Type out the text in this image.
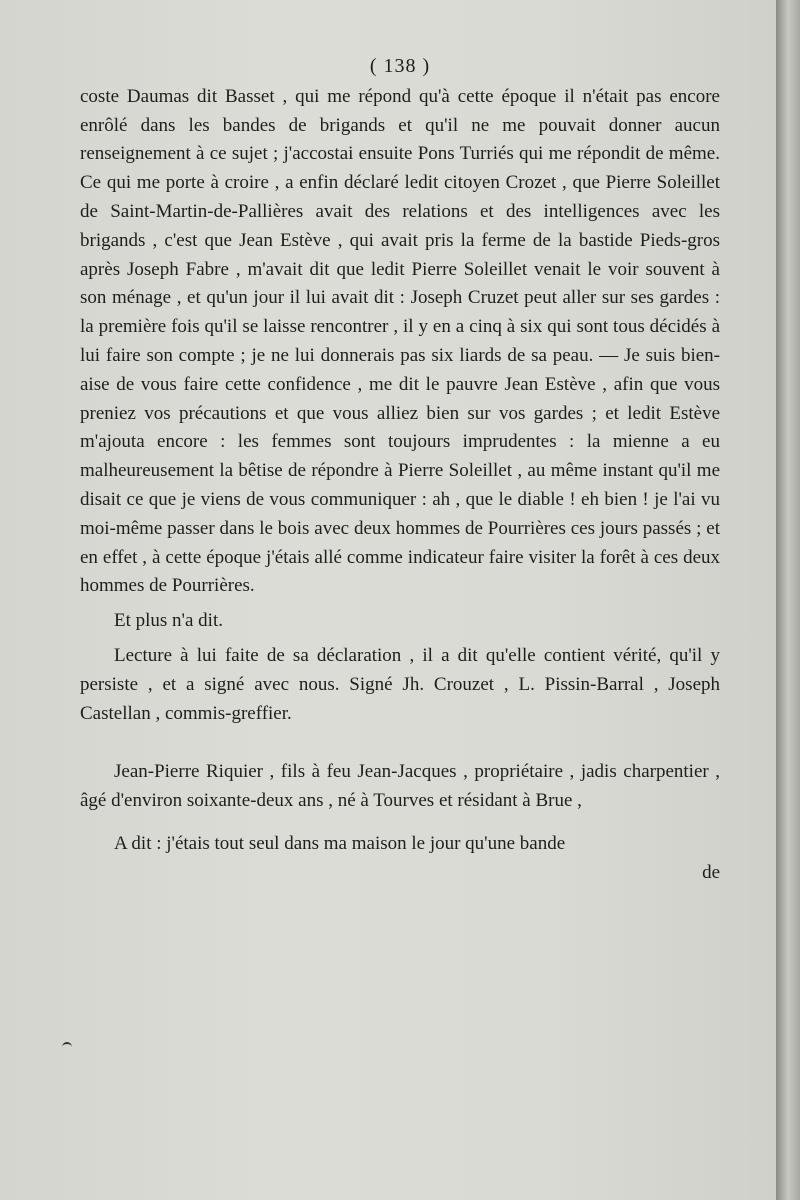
( 138 )

coste Daumas dit Basset , qui me répond qu'à cette époque il n'était pas encore enrôlé dans les bandes de brigands et qu'il ne me pouvait donner aucun renseignement à ce sujet ; j'accostai ensuite Pons Turriés qui me répondit de même. Ce qui me porte à croire , a enfin déclaré ledit citoyen Crozet , que Pierre Soleillet de Saint-Martin-de-Pallières avait des relations et des intelligences avec les brigands , c'est que Jean Estève , qui avait pris la ferme de la bastide Pieds-gros après Joseph Fabre , m'avait dit que ledit Pierre Soleillet venait le voir souvent à son ménage , et qu'un jour il lui avait dit : Joseph Cruzet peut aller sur ses gardes : la première fois qu'il se laisse rencontrer , il y en a cinq à six qui sont tous décidés à lui faire son compte ; je ne lui donnerais pas six liards de sa peau. — Je suis bien-aise de vous faire cette confidence , me dit le pauvre Jean Estève , afin que vous preniez vos précautions et que vous alliez bien sur vos gardes ; et ledit Estève m'ajouta encore : les femmes sont toujours imprudentes : la mienne a eu malheureusement la bêtise de répondre à Pierre Soleillet , au même instant qu'il me disait ce que je viens de vous communiquer : ah , que le diable ! eh bien ! je l'ai vu moi-même passer dans le bois avec deux hommes de Pourrières ces jours passés ; et en effet , à cette époque j'étais allé comme indicateur faire visiter la forêt à ces deux hommes de Pourrières.

Et plus n'a dit.

Lecture à lui faite de sa déclaration , il a dit qu'elle contient vérité, qu'il y persiste , et a signé avec nous. Signé Jh. Crouzet , L. Pissin-Barral , Joseph Castellan , commis-greffier.

Jean-Pierre Riquier , fils à feu Jean-Jacques , propriétaire , jadis charpentier , âgé d'environ soixante-deux ans , né à Tourves et résidant à Brue ,

A dit : j'étais tout seul dans ma maison le jour qu'une bande

de
